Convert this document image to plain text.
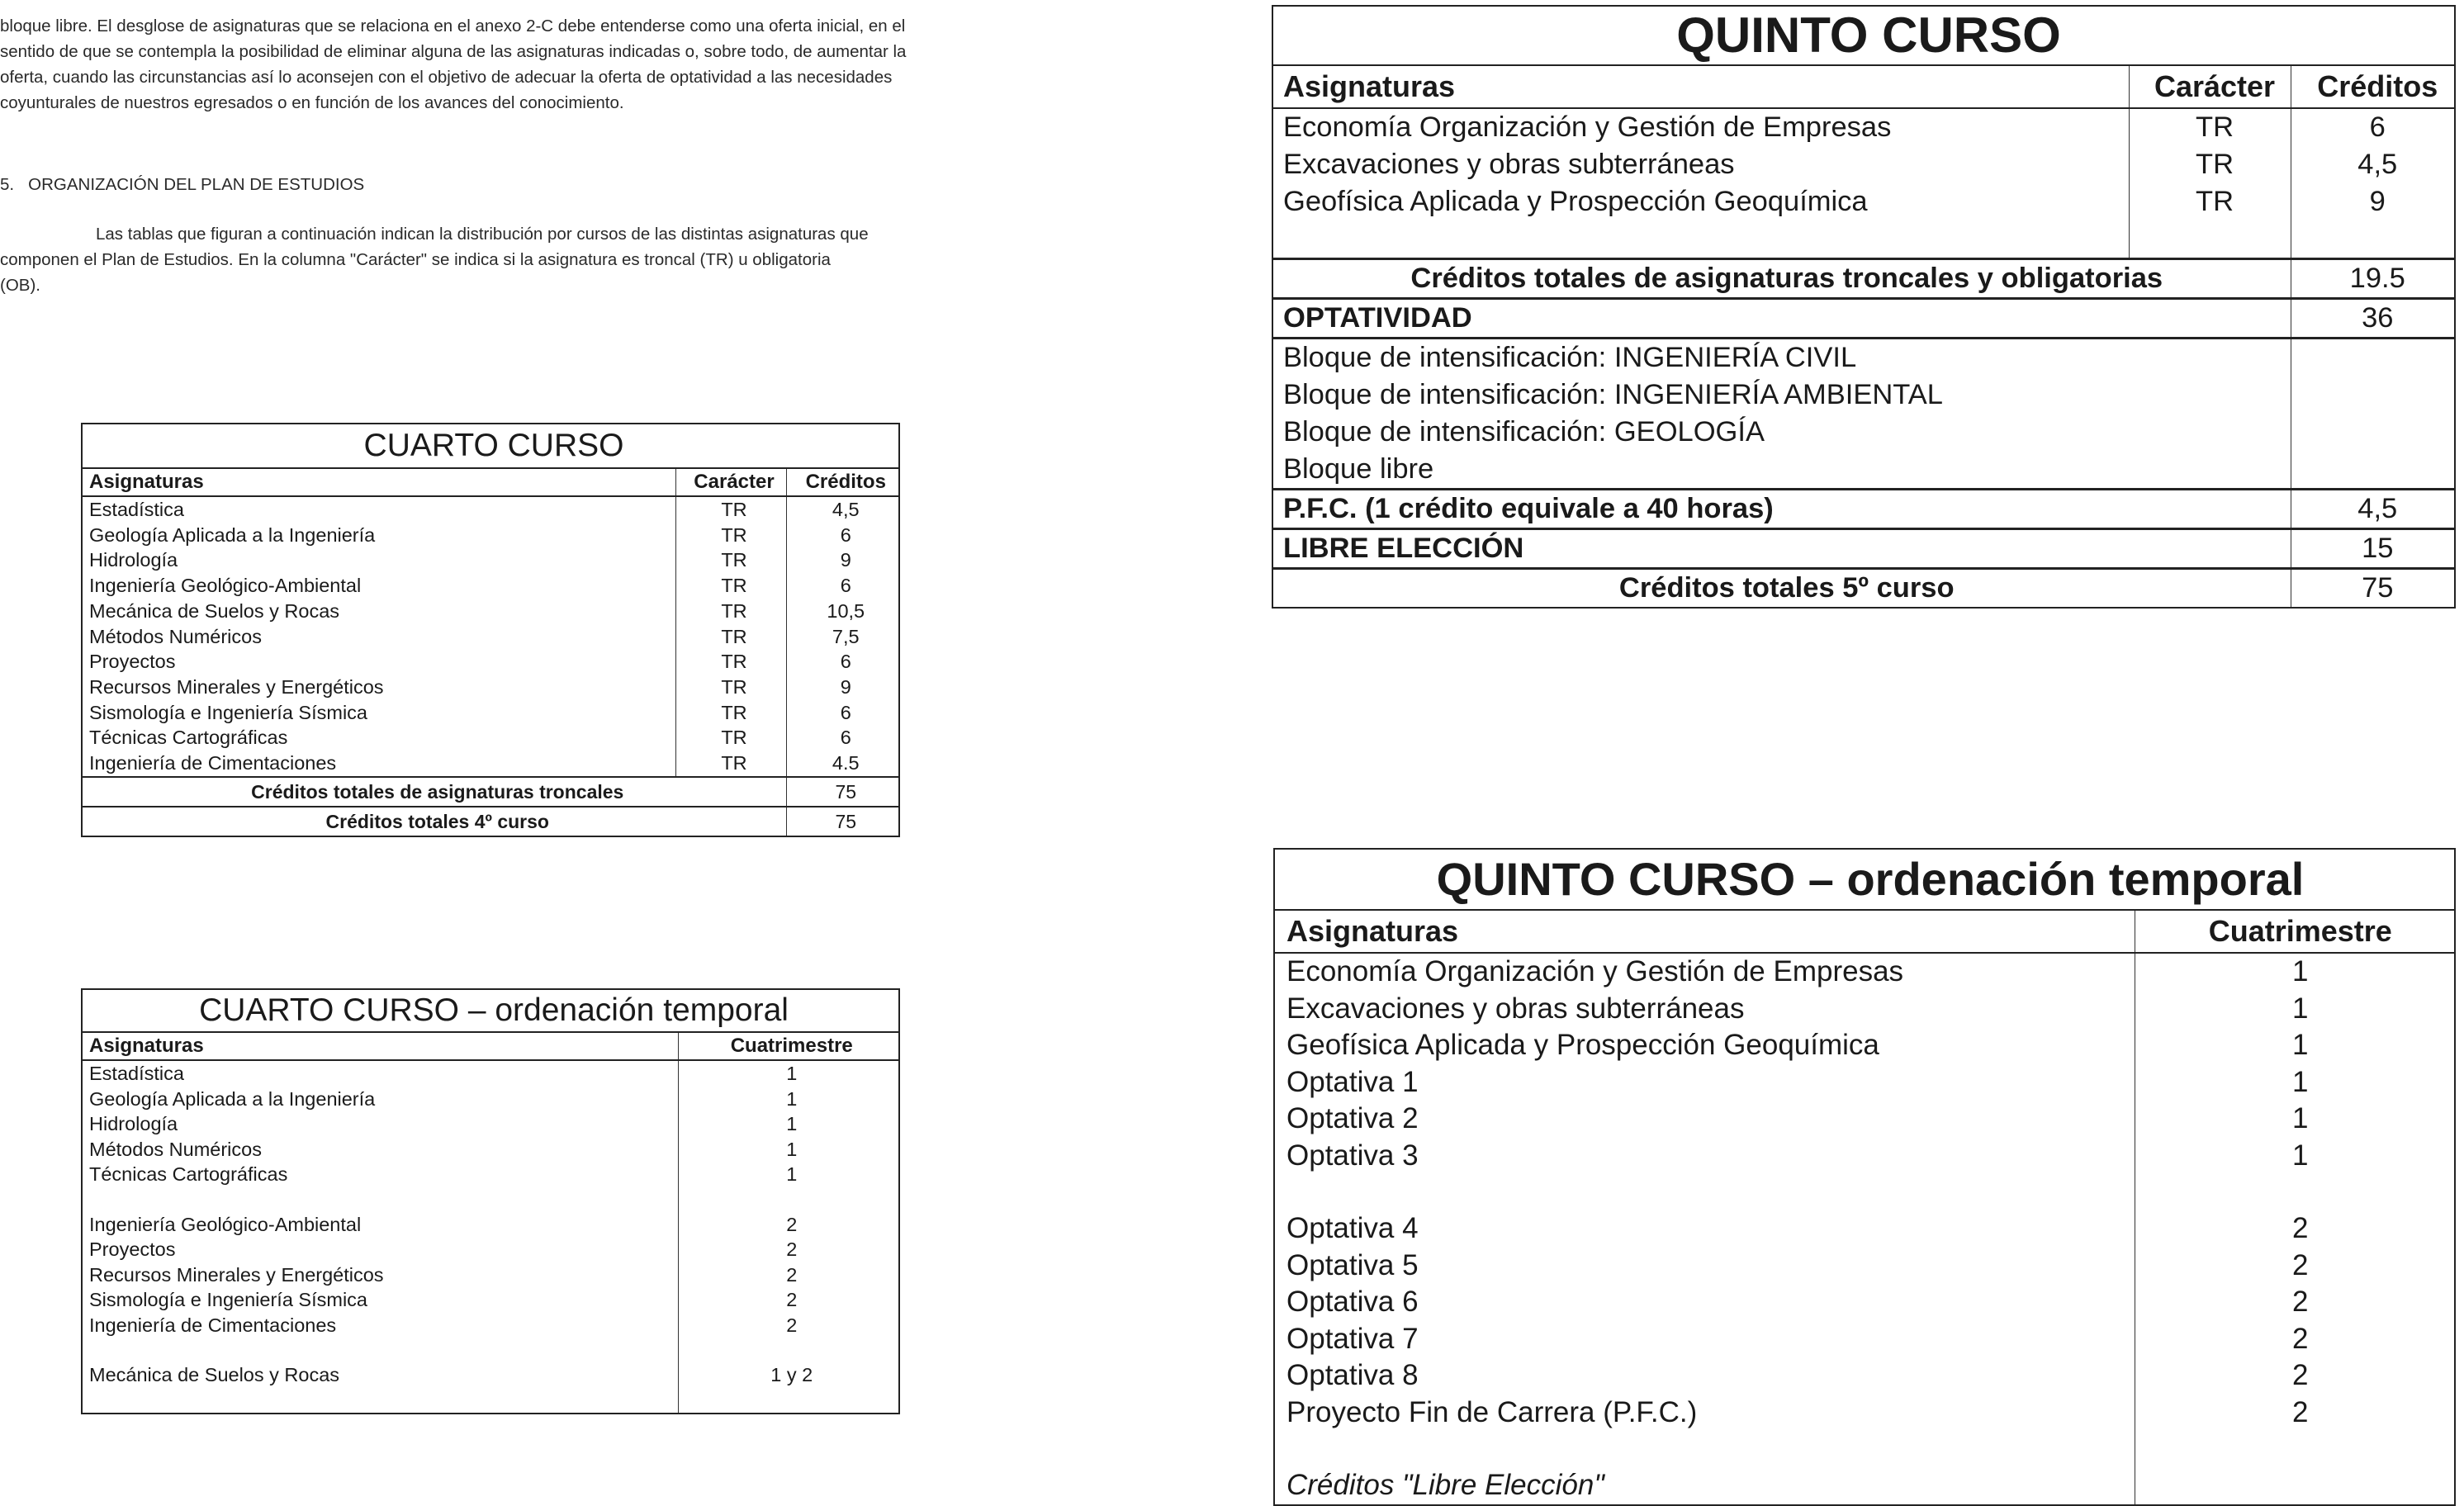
bloque libre. El desglose de asignaturas que se relaciona en el anexo 2-C debe entenderse como una oferta inicial, en el
sentido de que se contempla la posibilidad de eliminar alguna de las asignaturas indicadas o, sobre todo, de aumentar la
oferta, cuando las circunstancias así lo aconsejen con el objetivo de adecuar la oferta de optatividad a las necesidades
coyunturales de nuestros egresados o en función de los avances del conocimiento.
5.   ORGANIZACIÓN DEL PLAN DE ESTUDIOS
Las tablas que figuran a continuación indican la distribución por cursos de las distintas asignaturas que
componen el Plan de Estudios. En la columna "Carácter" se indica si la asignatura es troncal (TR) u obligatoria
(OB).
CUARTO CURSO		
Asignaturas	Carácter	Créditos
Estadística	TR	4,5
Geología Aplicada a la Ingeniería	TR	6
Hidrología	TR	9
Ingeniería Geológico-Ambiental	TR	6
Mecánica de Suelos y Rocas	TR	10,5
Métodos Numéricos	TR	7,5
Proyectos	TR	6
Recursos Minerales y Energéticos	TR	9
Sismología e Ingeniería Sísmica	TR	6
Técnicas Cartográficas	TR	6
Ingeniería de Cimentaciones	TR	4.5
Créditos totales de asignaturas troncales		75
Créditos totales 4º curso		75
CUARTO CURSO – ordenación temporal	
Asignaturas	Cuatrimestre
Estadística	1
Geología Aplicada a la Ingeniería	1
Hidrología	1
Métodos Numéricos	1
Técnicas Cartográficas	1

Ingeniería Geológico-Ambiental	2
Proyectos	2
Recursos Minerales y Energéticos	2
Sismología e Ingeniería Sísmica	2
Ingeniería de Cimentaciones	2

Mecánica de Suelos y Rocas	1 y 2

QUINTO CURSO		
Asignaturas	Carácter	Créditos
Economía Organización y Gestión de Empresas	TR	6
Excavaciones y obras subterráneas	TR	4,5
Geofísica Aplicada y Prospección Geoquímica	TR	9

Créditos totales de asignaturas troncales y obligatorias		19.5
OPTATIVIDAD		36
Bloque de intensificación: INGENIERÍA CIVIL		
Bloque de intensificación: INGENIERÍA AMBIENTAL		
Bloque de intensificación: GEOLOGÍA		
Bloque libre		
P.F.C. (1 crédito equivale a 40 horas)		4,5
LIBRE ELECCIÓN		15
Créditos totales 5º curso		75
QUINTO CURSO – ordenación temporal	
Asignaturas	Cuatrimestre
Economía Organización y Gestión de Empresas	1
Excavaciones y obras subterráneas	1
Geofísica Aplicada y Prospección Geoquímica	1
Optativa 1	1
Optativa 2	1
Optativa 3	1

Optativa 4	2
Optativa 5	2
Optativa 6	2
Optativa 7	2
Optativa 8	2
Proyecto Fin de Carrera (P.F.C.)	2

Créditos "Libre Elección"	
